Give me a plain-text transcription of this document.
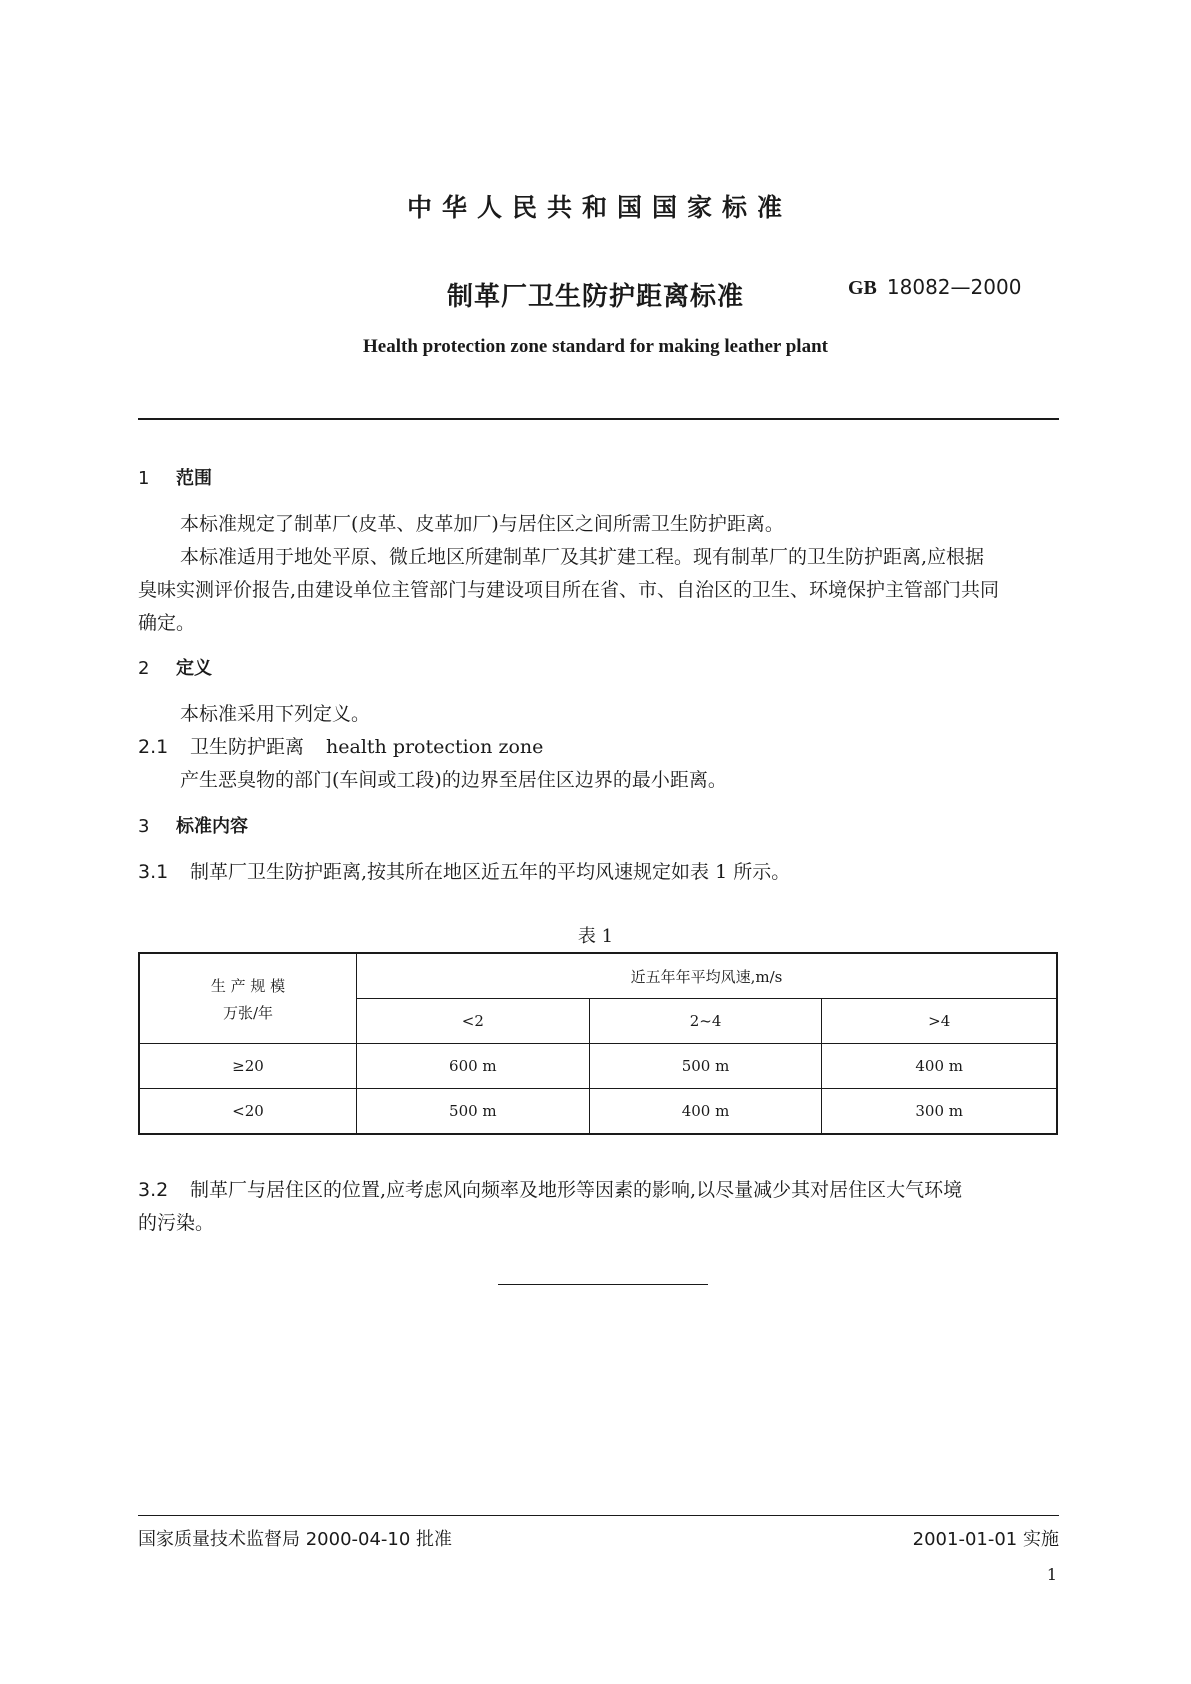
中华人民共和国国家标准
制革厂卫生防护距离标准	GB 18082—2000
Health protection zone standard for making leather plant
1 范围
本标准规定了制革厂(皮革、皮革加厂)与居住区之间所需卫生防护距离。
本标准适用于地处平原、微丘地区所建制革厂及其扩建工程。现有制革厂的卫生防护距离,应根据
臭味实测评价报告,由建设单位主管部门与建设项目所在省、市、自治区的卫生、环境保护主管部门共同
确定。
2 定义
本标准采用下列定义。
2.1 卫生防护距离 health protection zone
产生恶臭物的部门(车间或工段)的边界至居住区边界的最小距离。
3 标准内容
3.1 制革厂卫生防护距离,按其所在地区近五年的平均风速规定如表 1 所示。
表 1
生 产 规 模
万张/年	近五年年平均风速,m/s		
	<2	2~4	>4
≥20	600 m	500 m	400 m
<20	500 m	400 m	300 m
3.2 制革厂与居住区的位置,应考虑风向频率及地形等因素的影响,以尽量减少其对居住区大气环境
的污染。
国家质量技术监督局 2000-04-10 批准	2001-01-01 实施
1
